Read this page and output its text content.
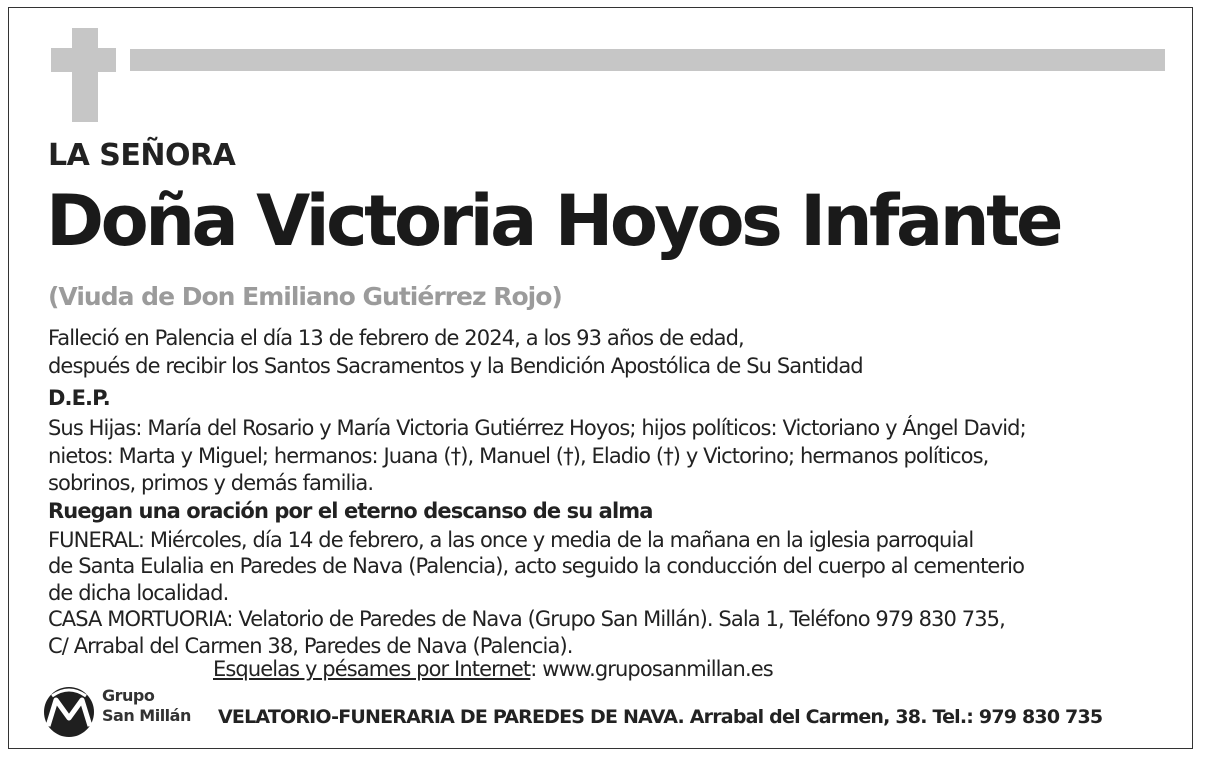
LA SEÑORA
Doña Victoria Hoyos Infante
(Viuda de Don Emiliano Gutiérrez Rojo)
Falleció en Palencia el día 13 de febrero de 2024, a los 93 años de edad,
después de recibir los Santos Sacramentos y la Bendición Apostólica de Su Santidad
D.E.P.
Sus Hijas: María del Rosario y María Victoria Gutiérrez Hoyos; hijos políticos: Victoriano y Ángel David;
nietos: Marta y Miguel; hermanos: Juana (†), Manuel (†), Eladio (†) y Victorino; hermanos políticos,
sobrinos, primos y demás familia.
Ruegan una oración por el eterno descanso de su alma
FUNERAL: Miércoles, día 14 de febrero, a las once y media de la mañana en la iglesia parroquial
de Santa Eulalia en Paredes de Nava (Palencia), acto seguido la conducción del cuerpo al cementerio
de dicha localidad.
CASA MORTUORIA: Velatorio de Paredes de Nava (Grupo San Millán). Sala 1, Teléfono 979 830 735,
C/ Arrabal del Carmen 38, Paredes de Nava (Palencia).
Esquelas y pésames por Internet: www.gruposanmillan.es
Grupo
San Millán VELATORIO-FUNERARIA DE PAREDES DE NAVA. Arrabal del Carmen, 38. Tel.: 979 830 735
